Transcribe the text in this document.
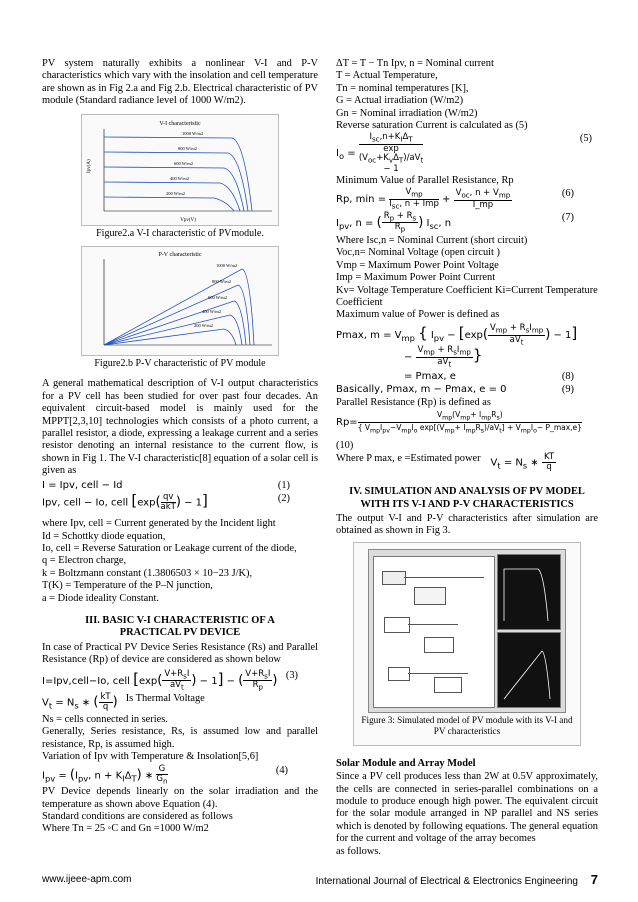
PV system naturally exhibits a nonlinear V-I and P-V characteristics which vary with the insolation and cell temperature are shown as in Fig 2.a and Fig 2.b. Electrical characteristic of PV module (Standard radiance level of 1000 W/m2).

V-I characteristic
Ipv(A)
Vpv(V)
1000 W/m2
800 W/m2
600 W/m2
400 W/m2
200 W/m2

Figure2.a V-I characteristic of PVmodule.

P-V characteristic
1000 W/m2
800 W/m2
600 W/m2
400 W/m2
200 W/m2

Figure2.b P-V characteristic of PV module

A general mathematical description of V-I output characteristics for a PV cell has been studied for over past four decades. An equivalent circuit-based model is mainly used for the MPPT[2,3,10] technologies which consists of a photo current, a parallel resistor, a diode, expressing a leakage current and a series resistor denoting an internal resistance to the current flow, is shown in Fig 1. The V-I characteristic[8] equation of a solar cell is given as

I = Ipv, cell − Id	(1)
Ipv, cell − Io, cell [$\exp( \frac{qv}{\text{akT}}$ ) − 1]	(2)

where Ipv, cell = Current generated by the Incident light

Id = Schottky diode equation,

Io, cell = Reverse Saturation or Leakage current of the diode,

q = Electron charge,

k = Boltzmann constant (1.3806503 × 10−23 J/K),

T(K) = Temperature of the P–N junction,

a = Diode ideality Constant.

III. BASIC V-I CHARACTERISTIC OF A

PRACTICAL PV DEVICE

In case of Practical PV Device Series Resistance (Rs) and Parallel Resistance (Rp) of device are considered as shown below

I=Ipv,cell−Io, cell [$\exp( \frac{V+R_sI}{aV_t}$ ) − 1] − ( $\frac{V+R_sI}{R_p}$ ) (3)
$V_t = N_s$ ∗ ( $\frac{kT}{q}$ ) Is Thermal Voltage

Ns = cells connected in series.

Generally, Series resistance, Rs, is assumed low and parallel resistance, Rp, is assumed high.

Variation of Ipv with Temperature & Insolation[5,6]

$I_{pv} = (I_{pv}$, $n + K_I\Delta_T$) ∗ $\frac{G}{G_n}$	(4)

PV Device depends linearly on the solar irradiation and the temperature as shown above Equation (4).

Standard conditions are considered as follows

Where Tn = 25 ◦C and Gn =1000 W/m2

ΔT = T − Tn Ipv, n = Nominal current

T = Actual Temperature,

Tn = nominal temperatures [K],

G = Actual irradiation (W/m2)

Gn = Nominal irradiation (W/m2)

Reverse saturation Current is calculated as (5)

$I_o = I_{sc},n+K_I\Delta_T$
exp
$(V_{oc}+K_v\Delta_T)/aV_t$
− 1	(5)

Minimum Value of Parallel Resistance, Rp

Rp, $\min = \frac{V_{mp}}{I_{sc}, n + Imp} + \frac{V_{oc}, n + V_{mp}}{I\_mp}$	(6)
$I_{pv}$, n = ( $\frac{R_p + R_s}{R_p}$ ) $I_{sc}$, n
(7)

Where Isc,n = Nominal Current (short circuit)

Voc,n= Nominal Voltage (open circuit )

Vmp = Maximum Power Point Voltage

Imp = Maximum Power Point Current

Kv= Voltage Temperature Coefficient Ki=Current Temperature Coefficient

Maximum value of Power is defined as

Pmax, $m = V_{mp}$ { $I_{pv} - [\exp( \frac{V_{mp} + R_sI_{mp}}{aV_t}$ ) − 1]
− $\frac{V_{mp} + R_sI_{mp}}{aV_t}$ }
= Pmax, e	(8)
Basically, Pmax, m − Pmax, e = 0	(9)

Parallel Resistance (Rp) is defined as

$Rp= \frac{V_{mp}(V_{mp}+ I_{mp}R_s)}{\{ V_{mp}I_{pv}-V_{mp}I_o \exp[(V_{mp}+ I_{mp}R_s)/aV_t] + V_{mp}I_o- P\_\max,e\}}$

(10)

Where P max, e =Estimated power $V_t = N_s$ ∗ $\frac{KT}{q}$

IV. SIMULATION AND ANALYSIS OF PV MODEL

WITH ITS V-I AND P-V CHARACTERISTICS

The output V-I and P-V characteristics after simulation are obtained as shown in Fig 3.

Figure 3: Simulated model of PV module with its V-I and PV characteristics

Solar Module and Array Model

Since a PV cell produces less than 2W at 0.5V approximately, the cells are connected in series-parallel combinations on a module to produce enough high power. The equivalent circuit for the solar module arranged in NP parallel and NS series which is denoted by following equations. The general equation for the current and voltage of the array becomes

as follows.

www.ijeee-apm.com	International Journal of Electrical & Electronics Engineering 7
